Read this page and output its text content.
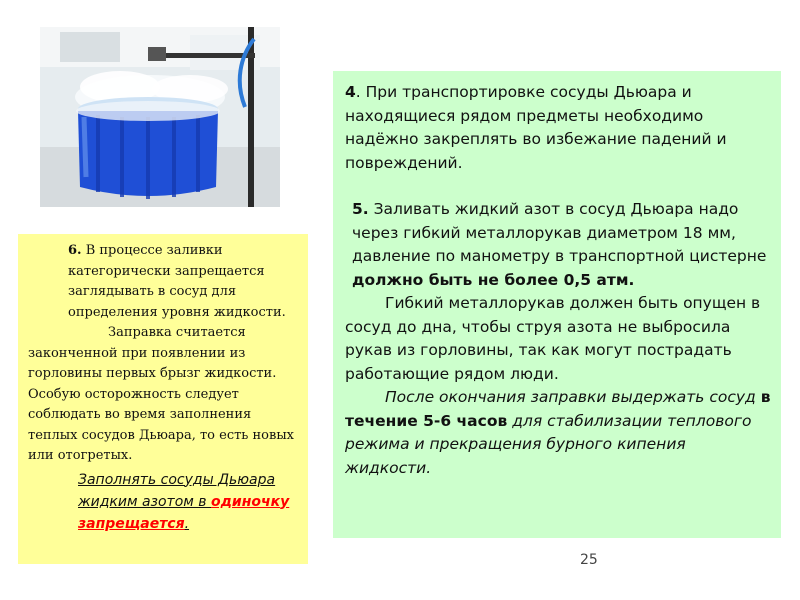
6. В процессе заливки категорически запрещается заглядывать в сосуд для определения уровня жидкости.

Заправка считается законченной при появлении из горловины первых брызг жидкости. Особую осторожность следует соблюдать во время заполнения теплых сосудов Дьюара, то есть новых или отогретых.

Заполнять сосуды Дьюара жидким азотом в одиночку запрещается.

4. При транспортировке сосуды Дьюара и находящиеся рядом предметы необходимо надёжно закреплять во избежание падений и повреждений.

5. Заливать жидкий азот в сосуд Дьюара надо через гибкий металлорукав диаметром 18 мм, давление по манометру в транспортной цистерне должно быть не более 0,5 атм.

Гибкий металлорукав должен быть опущен в сосуд до дна, чтобы струя азота не выбросила рукав из горловины, так как могут пострадать работающие рядом люди.

После окончания заправки выдержать сосуд в течение 5-6 часов для стабилизации теплового режима и прекращения бурного кипения жидкости.

25
